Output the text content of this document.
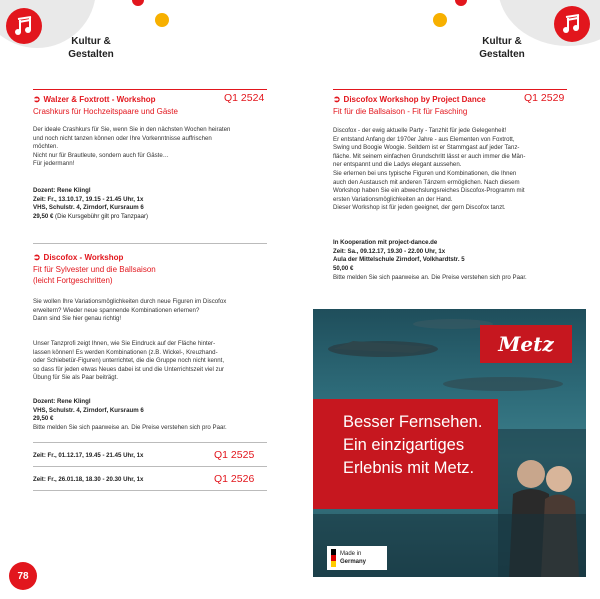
Kultur &
Gestalten
Kultur &
Gestalten
➲ Walzer & Foxtrott - Workshop	Q1 2524
Crashkurs für Hochzeitspaare und Gäste
Der ideale Crashkurs für Sie, wenn Sie in den nächsten Wochen heiraten
und noch nicht tanzen können oder Ihre Vorkenntnisse auffrischen
möchten.
Nicht nur für Brautleute, sondern auch für Gäste…
Für jedermann!
Dozent: Rene Klingl
Zeit: Fr., 13.10.17, 19.15 - 21.45 Uhr, 1x
VHS, Schulstr. 4, Zirndorf, Kursraum 6
29,50 € (Die Kursgebühr gilt pro Tanzpaar)
➲ Discofox - Workshop
Fit für Sylvester und die Ballsaison
(leicht Fortgeschritten)
Sie wollen Ihre Variationsmöglichkeiten durch neue Figuren im Discofox
erweitern? Wieder neue spannende Kombinationen erlernen?
Dann sind Sie hier genau richtig!
Unser Tanzprofi zeigt Ihnen, wie Sie Eindruck auf der Fläche hinter-
lassen können! Es werden Kombinationen (z.B. Wickel-, Kreuzhand-
oder Schiebetür-Figuren) unterrichtet, die die Gruppe noch nicht kennt,
so dass für jeden etwas Neues dabei ist und die Unterrichtszeit viel zur
Übung für Sie als Paar beiträgt.
Dozent: Rene Klingl
VHS, Schulstr. 4, Zirndorf, Kursraum 6
29,50 €
Bitte melden Sie sich paarweise an. Die Preise verstehen sich pro Paar.
Zeit: Fr., 01.12.17, 19.45 - 21.45 Uhr, 1x	Q1 2525
Zeit: Fr., 26.01.18, 18.30 - 20.30 Uhr, 1x	Q1 2526
➲ Discofox Workshop by Project Dance	Q1 2529
Fit für die Ballsaison - Fit für Fasching
Discofox - der ewig aktuelle Party - Tanzhit für jede Gelegenheit!
Er entstand Anfang der 1970er Jahre - aus Elementen von Foxtrott,
Swing und Boogie Woogie. Seitdem ist er Stammgast auf jeder Tanz-
fläche. Mit seinem einfachen Grundschritt lässt er auch immer die Män-
ner entspannt und die Ladys elegant aussehen.
Sie erlernen bei uns typische Figuren und Kombinationen, die Ihnen
auch den Austausch mit anderen Tänzern ermöglichen. Nach diesem
Workshop haben Sie ein abwechslungsreiches Discofox-Programm mit
ersten Variationsmöglichkeiten an der Hand.
Dieser Workshop ist für jeden geeignet, der gern Discofox tanzt.
In Kooperation mit project-dance.de
Zeit: Sa., 09.12.17, 19.30 - 22.00 Uhr, 1x
Aula der Mittelschule Zirndorf, Volkhardtstr. 5
50,00 €
Bitte melden Sie sich paarweise an. Die Preise verstehen sich pro Paar.
Metz
Besser Fernsehen.
Ein einzigartiges
Erlebnis mit Metz.
Made in
Germany
78
